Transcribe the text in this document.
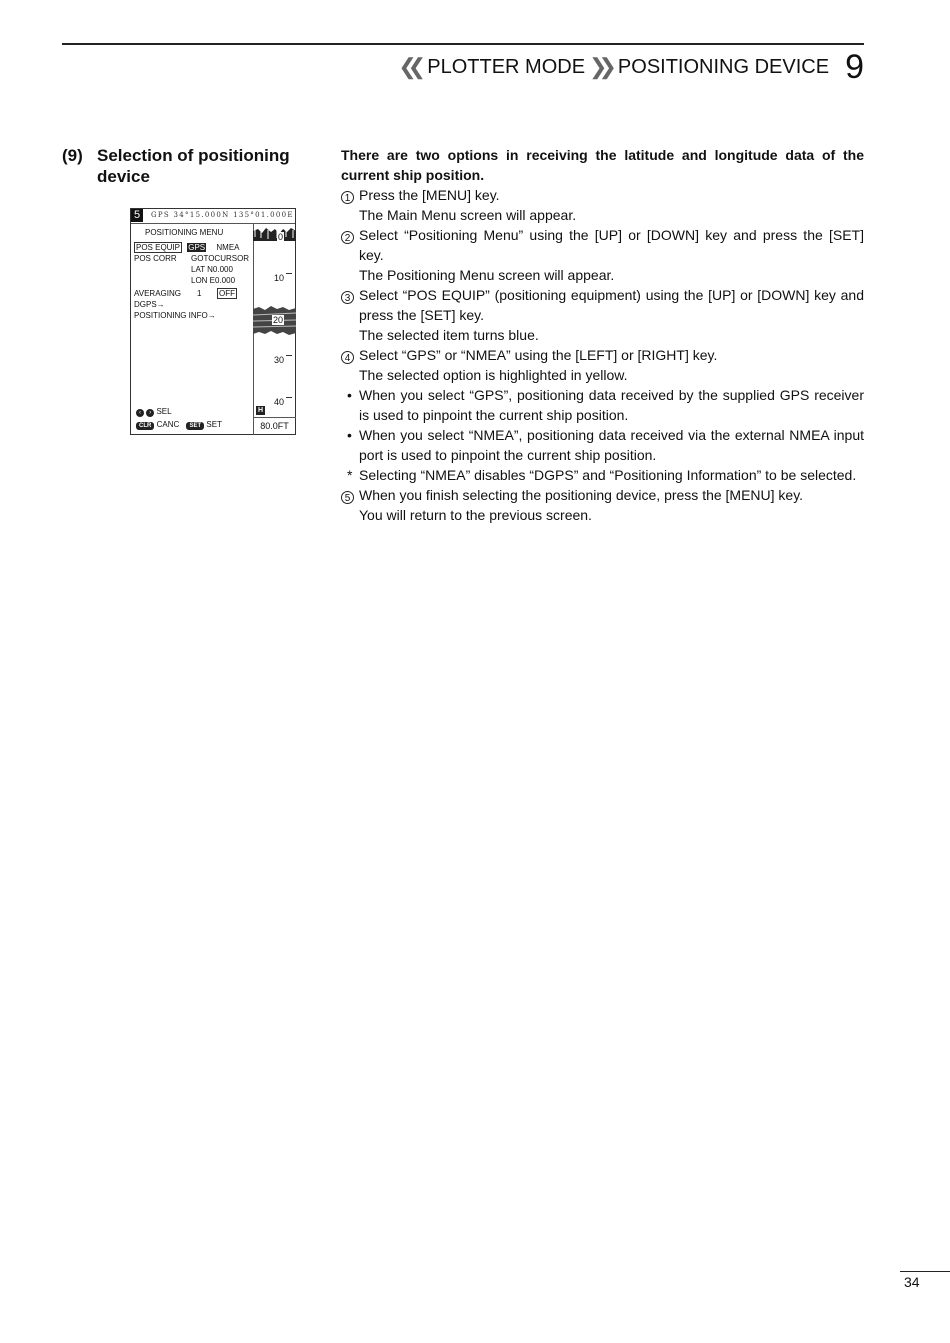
❮❮ PLOTTER MODE ❯❯ POSITIONING DEVICE 9
(9) Selection of positioning device
5	GPS 34°15.000N 135°01.000E
POSITIONING MENU
POS EQUIP GPS NMEA
POS CORR GOTOCURSOR
LAT N0.000
LON E0.000
AVERAGING 1 OFF
DGPS→
POSITIONING INFO→
‹ › SEL
CLR CANC SET SET
0
10
20
30
40
H
80.0FT
There are two options in receiving the latitude and longitude data of the current ship position.
1 Press the [MENU] key.
The Main Menu screen will appear.
2 Select “Positioning Menu” using the [UP] or [DOWN] key and press the [SET] key.
The Positioning Menu screen will appear.
3 Select “POS EQUIP” (positioning equipment) using the [UP] or [DOWN] key and press the [SET] key.
The selected item turns blue.
4 Select “GPS” or “NMEA” using the [LEFT] or [RIGHT] key.
The selected option is highlighted in yellow.
• When you select “GPS”, positioning data received by the supplied GPS receiver is used to pinpoint the current ship position.
• When you select “NMEA”, positioning data received via the external NMEA input port is used to pinpoint the current ship position.
* Selecting “NMEA” disables “DGPS” and “Positioning Information” to be selected.
5 When you finish selecting the positioning device, press the [MENU] key.
You will return to the previous screen.
34
